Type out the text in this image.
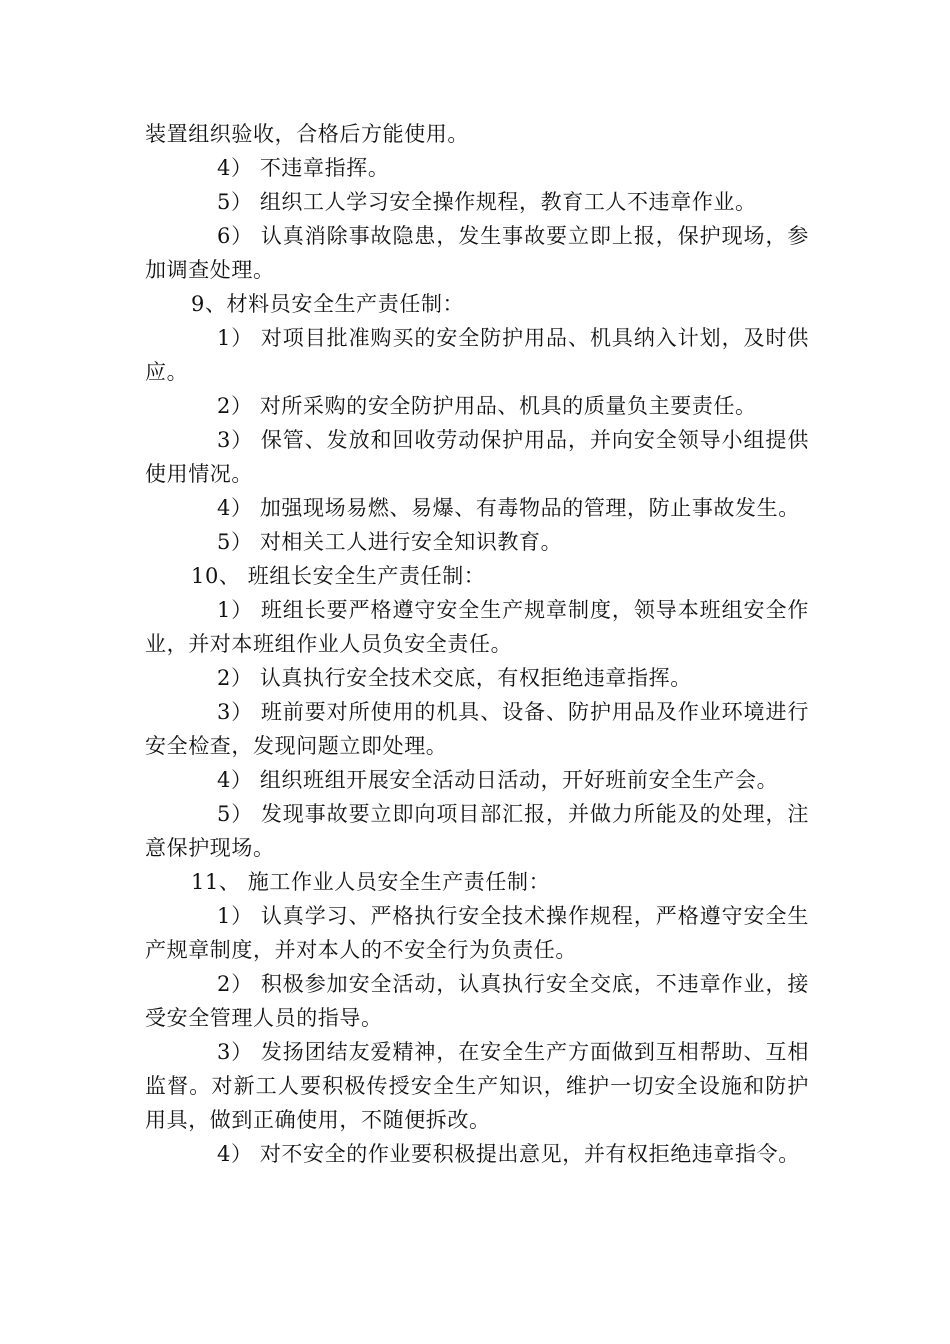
装置组织验收，合格后方能使用。

4） 不违章指挥。

5） 组织工人学习安全操作规程，教育工人不违章作业。

6） 认真消除事故隐患，发生事故要立即上报，保护现场，参加调查处理。

9、材料员安全生产责任制：

1） 对项目批准购买的安全防护用品、机具纳入计划，及时供应。

2） 对所采购的安全防护用品、机具的质量负主要责任。

3） 保管、发放和回收劳动保护用品，并向安全领导小组提供使用情况。

4） 加强现场易燃、易爆、有毒物品的管理，防止事故发生。

5） 对相关工人进行安全知识教育。

10、 班组长安全生产责任制：

1） 班组长要严格遵守安全生产规章制度，领导本班组安全作业，并对本班组作业人员负安全责任。

2） 认真执行安全技术交底，有权拒绝违章指挥。

3） 班前要对所使用的机具、设备、防护用品及作业环境进行安全检查，发现问题立即处理。

4） 组织班组开展安全活动日活动，开好班前安全生产会。

5） 发现事故要立即向项目部汇报，并做力所能及的处理，注意保护现场。

11、 施工作业人员安全生产责任制：

1） 认真学习、严格执行安全技术操作规程，严格遵守安全生产规章制度，并对本人的不安全行为负责任。

2） 积极参加安全活动，认真执行安全交底，不违章作业，接受安全管理人员的指导。

3） 发扬团结友爱精神，在安全生产方面做到互相帮助、互相监督。对新工人要积极传授安全生产知识，维护一切安全设施和防护用具，做到正确使用，不随便拆改。

4） 对不安全的作业要积极提出意见，并有权拒绝违章指令。
